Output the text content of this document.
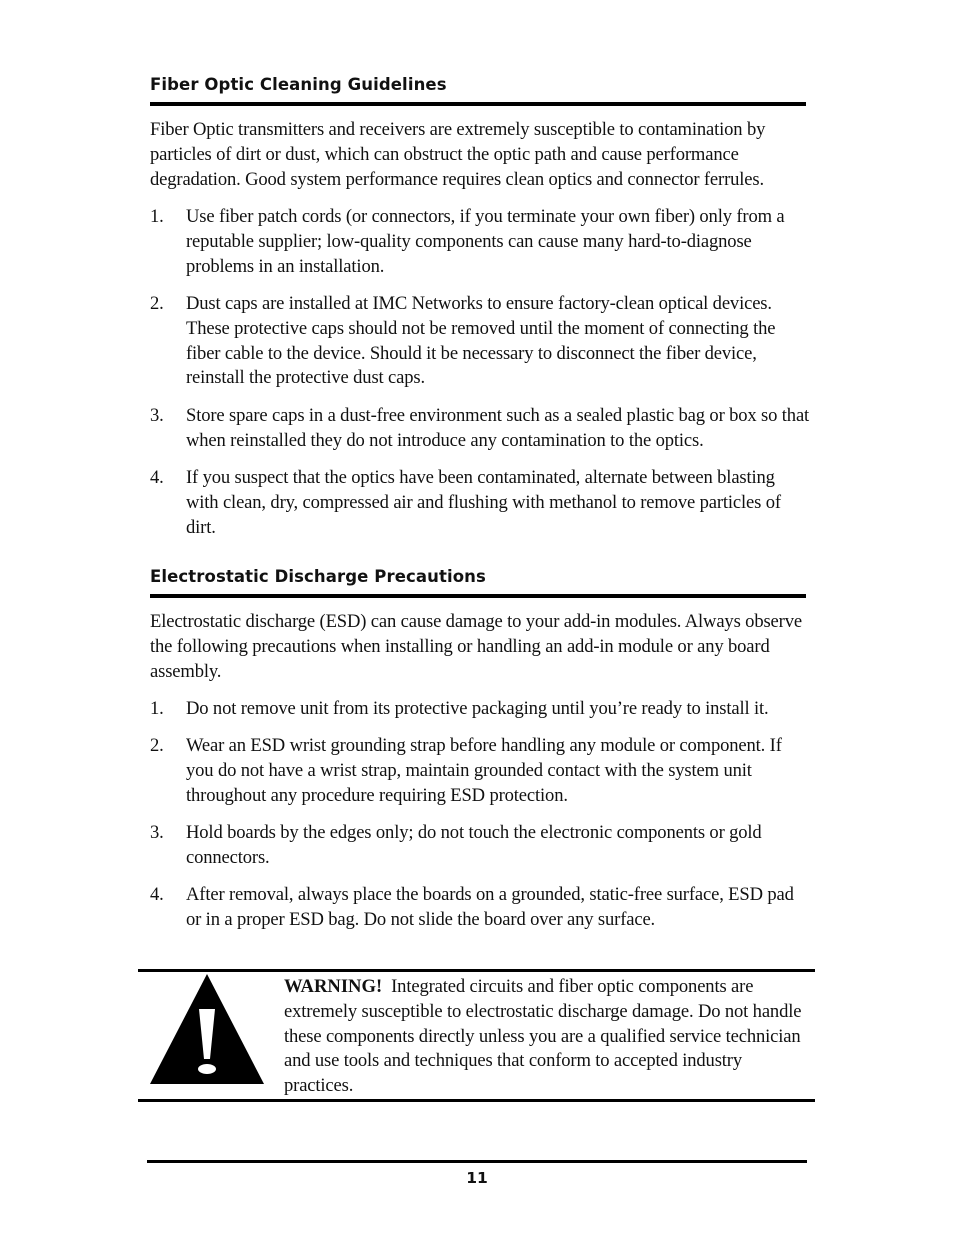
Fiber Optic Cleaning Guidelines

Fiber Optic transmitters and receivers are extremely susceptible to contamination by particles of dirt or dust, which can obstruct the optic path and cause performance degradation. Good system performance requires clean optics and connector ferrules.

1.	Use fiber patch cords (or connectors, if you terminate your own fiber) only from a reputable supplier; low-quality components can cause many hard-to-diagnose problems in an installation.
2.	Dust caps are installed at IMC Networks to ensure factory-clean optical devices. These protective caps should not be removed until the moment of connecting the fiber cable to the device. Should it be necessary to disconnect the fiber device, reinstall the protective dust caps.
3.	Store spare caps in a dust-free environment such as a sealed plastic bag or box so that when reinstalled they do not introduce any contamination to the optics.
4.	If you suspect that the optics have been contaminated, alternate between blasting with clean, dry, compressed air and flushing with methanol to remove particles of dirt.
Electrostatic Discharge Precautions

Electrostatic discharge (ESD) can cause damage to your add-in modules. Always observe the following precautions when installing or handling an add-in module or any board assembly.

1.	Do not remove unit from its protective packaging until you’re ready to install it.
2.	Wear an ESD wrist grounding strap before handling any module or component. If you do not have a wrist strap, maintain grounded contact with the system unit throughout any procedure requiring ESD protection.
3.	Hold boards by the edges only; do not touch the electronic components or gold connectors.
4.	After removal, always place the boards on a grounded, static-free surface, ESD pad or in a proper ESD bag. Do not slide the board over any surface.
WARNING! Integrated circuits and fiber optic components are extremely susceptible to electrostatic discharge damage. Do not handle these components directly unless you are a qualified service technician and use tools and techniques that conform to accepted industry practices.
11
